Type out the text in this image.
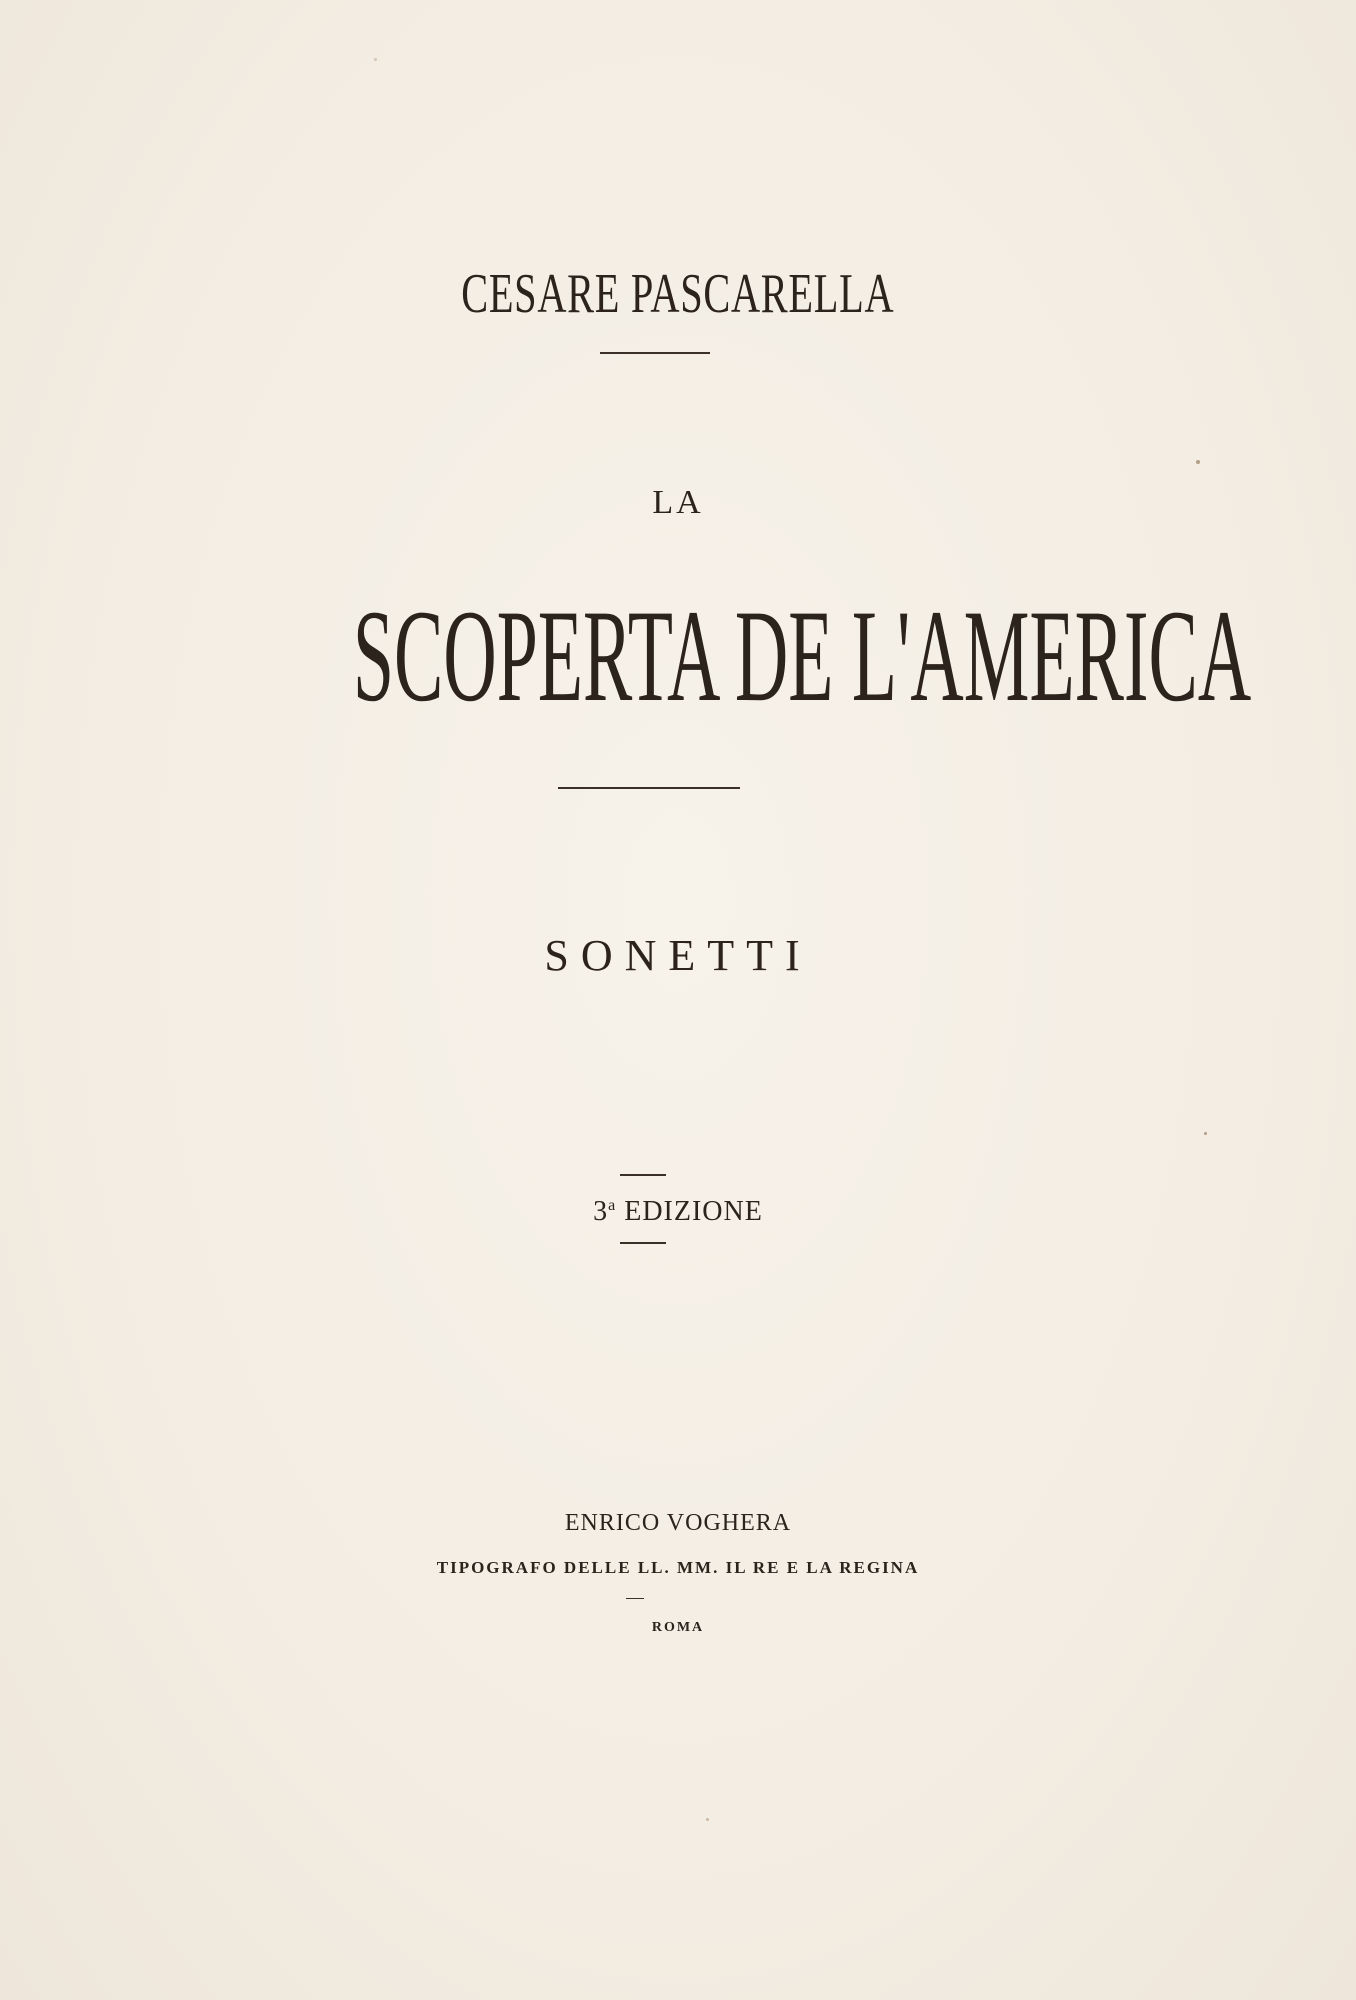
CESARE PASCARELLA
LA
SCOPERTA DE L'AMERICA
SONETTI
3$^a$ EDIZIONE
ENRICO VOGHERA
TIPOGRAFO DELLE LL. MM. IL RE E LA REGINA
ROMA
